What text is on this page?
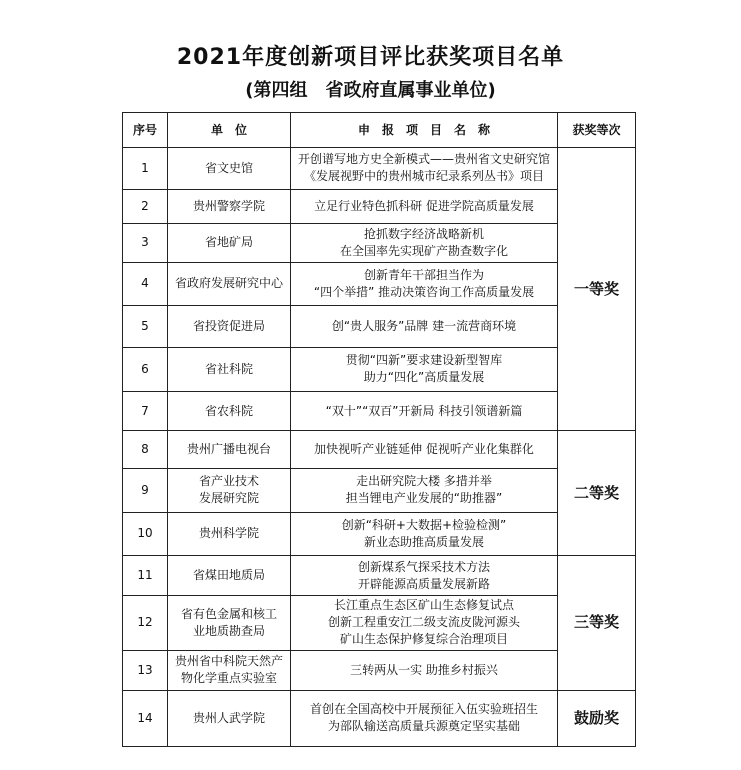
2021年度创新项目评比获奖项目名单
(第四组　省政府直属事业单位)
序号	单　位	申　报　项　目　名　称	获奖等次
1	省文史馆	开创谱写地方史全新模式——贵州省文史研究馆
《发展视野中的贵州城市纪录系列丛书》项目	一等奖
2	贵州警察学院	立足行业特色抓科研 促进学院高质量发展	

3	省地矿局	抢抓数字经济战略新机
在全国率先实现矿产勘查数字化	

4	省政府发展研究中心	创新青年干部担当作为
“四个举措” 推动决策咨询工作高质量发展	

5	省投资促进局	创“贵人服务”品牌 建一流营商环境	

6	省社科院	贯彻“四新”要求建设新型智库
助力“四化”高质量发展	

7	省农科院	“双十”“双百”开新局 科技引领谱新篇	

8	贵州广播电视台	加快视听产业链延伸 促视听产业化集群化	二等奖
9	省产业技术
发展研究院	走出研究院大楼 多措并举
担当锂电产业发展的“助推器”	

10	贵州科学院	创新“科研+大数据+检验检测”
新业态助推高质量发展	

11	省煤田地质局	创新煤系气探采技术方法
开辟能源高质量发展新路	三等奖
12	省有色金属和核工
业地质勘查局	长江重点生态区矿山生态修复试点
创新工程重安江二级支流皮陇河源头
矿山生态保护修复综合治理项目	

13	贵州省中科院天然产
物化学重点实验室	三转两从一实 助推乡村振兴	

14	贵州人武学院	首创在全国高校中开展预征入伍实验班招生
为部队输送高质量兵源奠定坚实基础	鼓励奖
